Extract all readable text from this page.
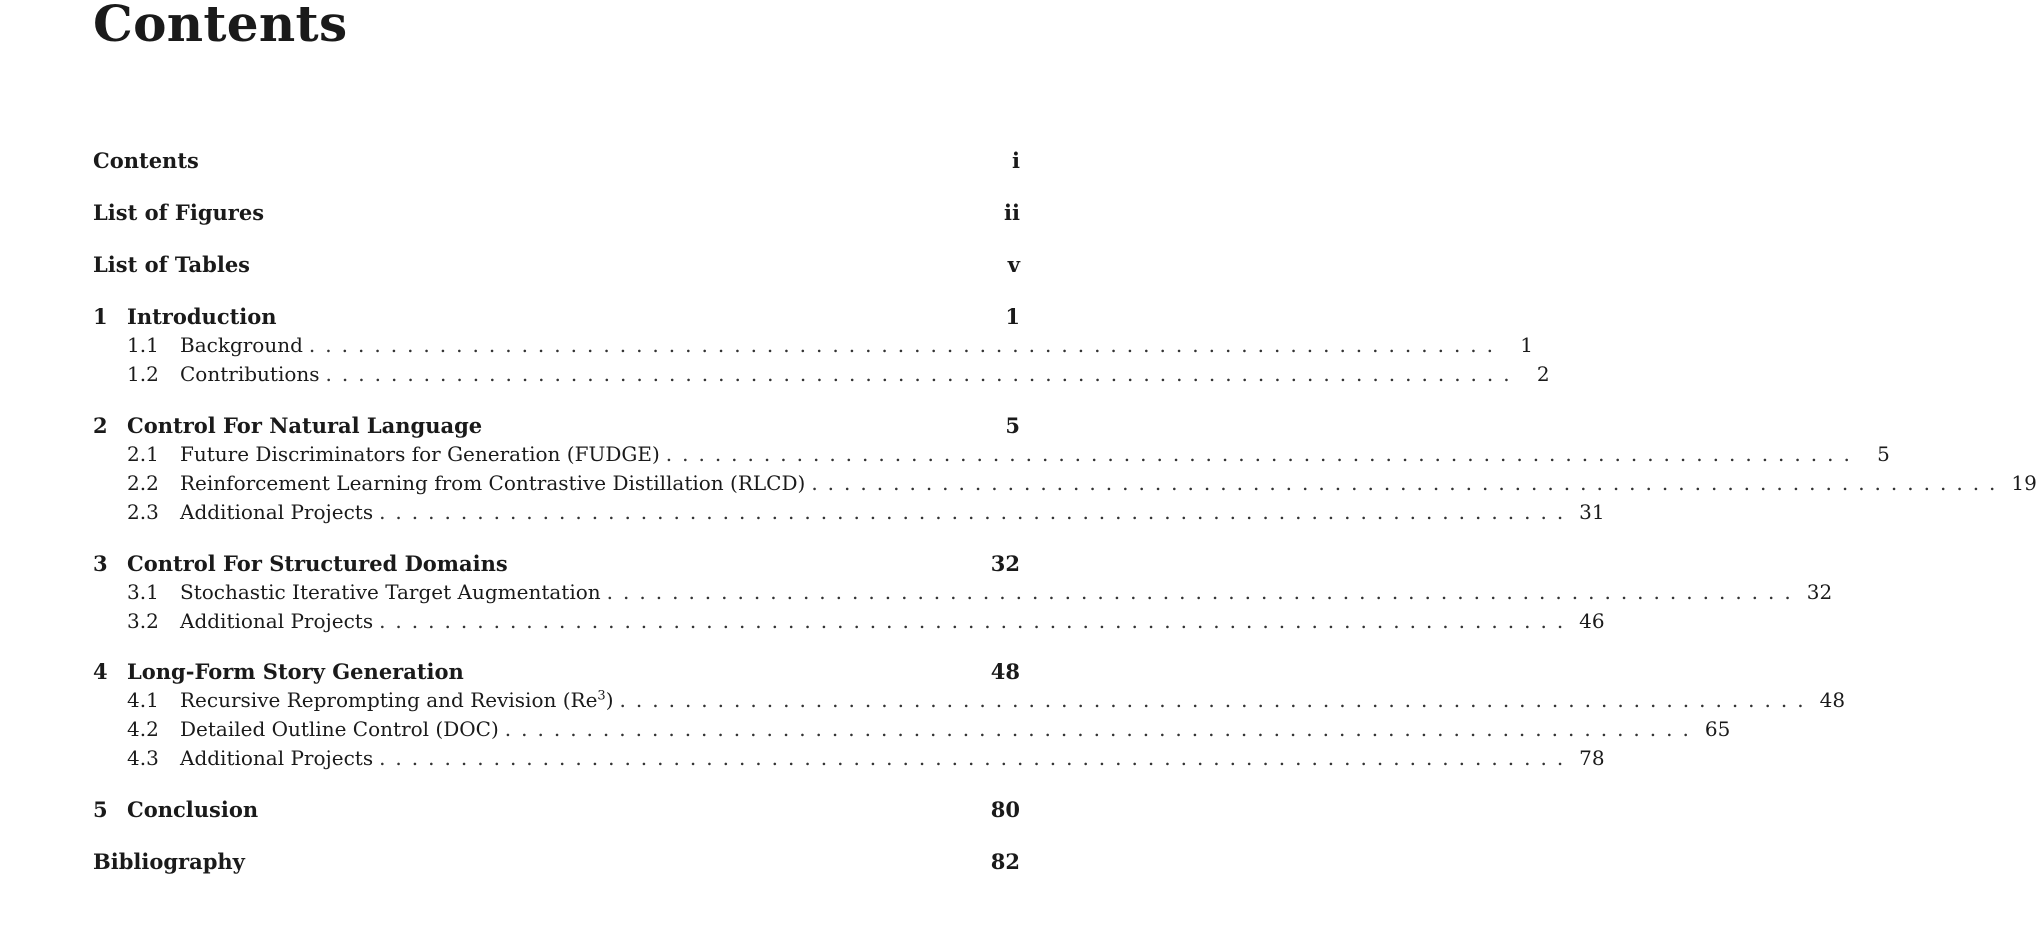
Contents
Contents	i
List of Figures	ii
List of Tables	v
1 Introduction	1
1.1	Background ......................................................................... 1
1.2	Contributions ......................................................................... 2
2 Control For Natural Language	5
2.1	Future Discriminators for Generation (FUDGE) ......................................................................... 5
2.2	Reinforcement Learning from Contrastive Distillation (RLCD) ......................................................................... 19
2.3	Additional Projects ......................................................................... 31
3 Control For Structured Domains	32
3.1	Stochastic Iterative Target Augmentation ......................................................................... 32
3.2	Additional Projects ......................................................................... 46
4 Long-Form Story Generation	48
4.1	Recursive Reprompting and Revision (Re$^3$) ......................................................................... 48
4.2	Detailed Outline Control (DOC) ......................................................................... 65
4.3	Additional Projects ......................................................................... 78
5 Conclusion	80
Bibliography	82
